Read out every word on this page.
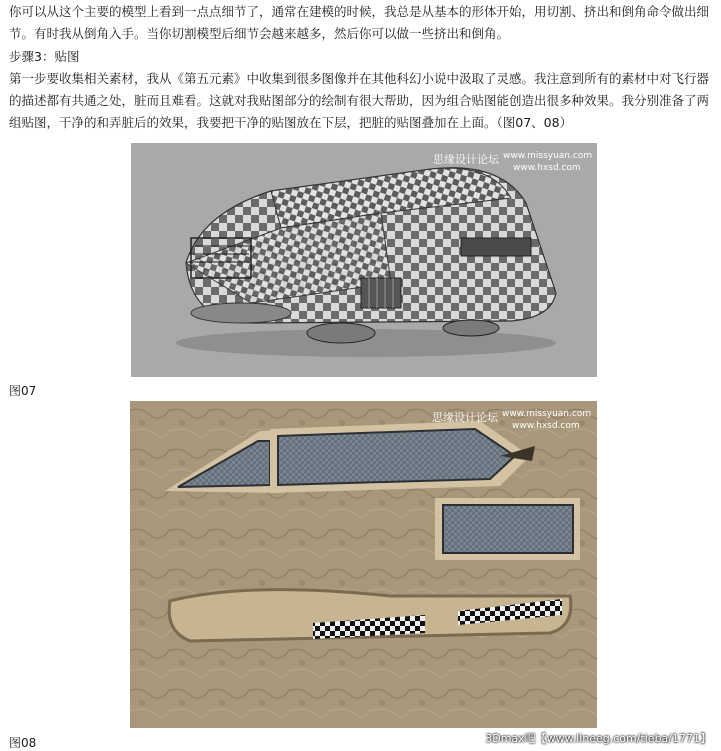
你可以从这个主要的模型上看到一点点细节了，通常在建模的时候，我总是从基本的形体开始，用切割、挤出和倒角命令做出细节。有时我从倒角入手。当你切割模型后细节会越来越多，然后你可以做一些挤出和倒角。

步骤3：贴图

第一步要收集相关素材，我从《第五元素》中收集到很多图像并在其他科幻小说中汲取了灵感。我注意到所有的素材中对飞行器的描述都有共通之处，脏而且难看。这就对我贴图部分的绘制有很大帮助，因为组合贴图能创造出很多种效果。我分别准备了两组贴图，干净的和弄脏后的效果，我要把干净的贴图放在下层，把脏的贴图叠加在上面。（图07、08）

思缘设计论坛 www.missyuan.com
www.hxsd.com
图07
思缘设计论坛 www.missyuan.com
www.hxsd.com
图08	3Dmax吧【www.lineeg.com/tieba/1771】
